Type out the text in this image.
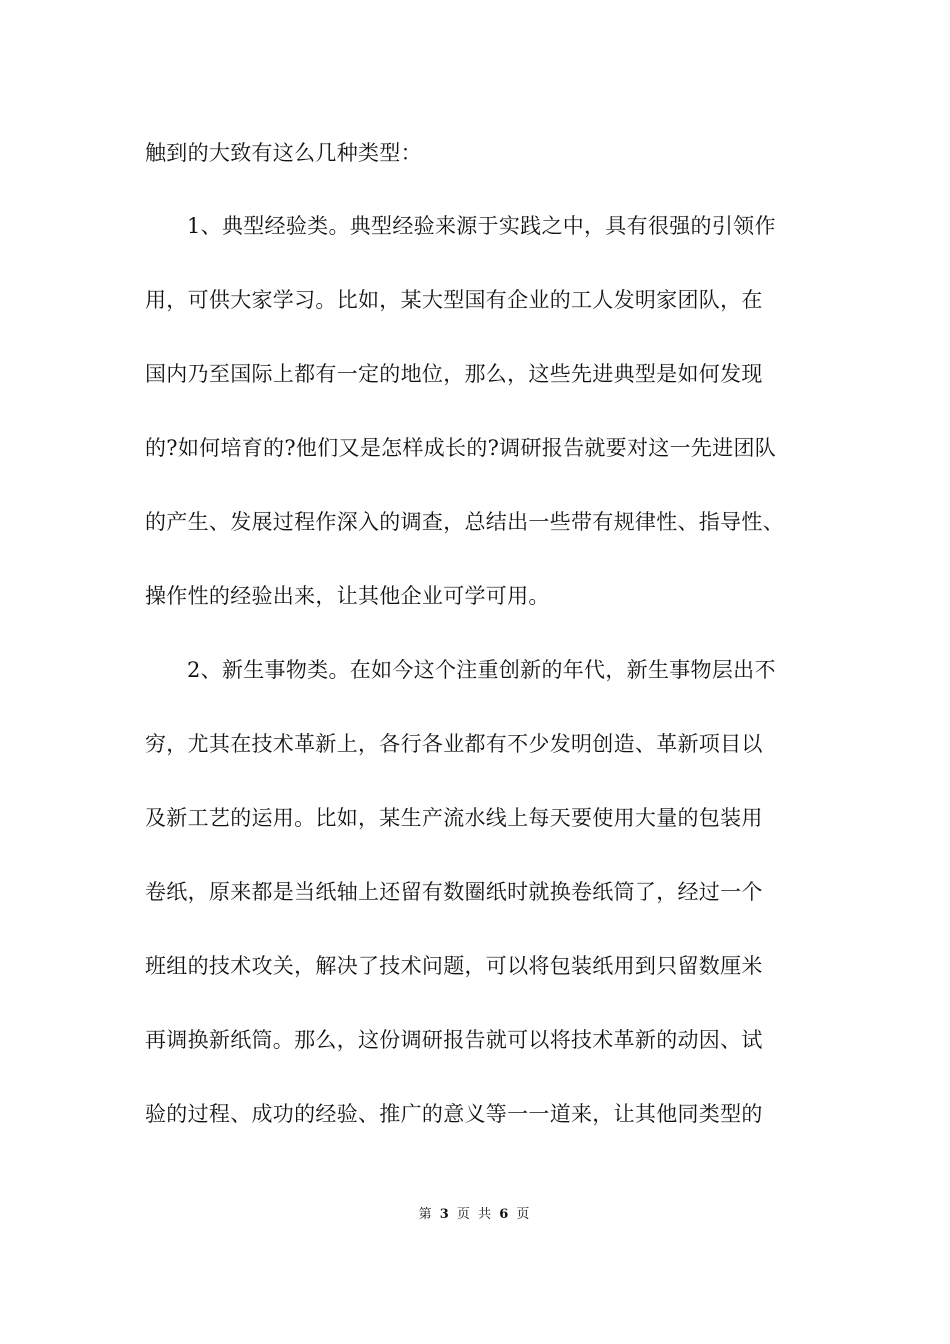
触到的大致有这么几种类型：
1、典型经验类。典型经验来源于实践之中，具有很强的引领作
用，可供大家学习。比如，某大型国有企业的工人发明家团队，在
国内乃至国际上都有一定的地位，那么，这些先进典型是如何发现
的?如何培育的?他们又是怎样成长的?调研报告就要对这一先进团队
的产生、发展过程作深入的调查，总结出一些带有规律性、指导性、
操作性的经验出来，让其他企业可学可用。
2、新生事物类。在如今这个注重创新的年代，新生事物层出不
穷，尤其在技术革新上，各行各业都有不少发明创造、革新项目以
及新工艺的运用。比如，某生产流水线上每天要使用大量的包装用
卷纸，原来都是当纸轴上还留有数圈纸时就换卷纸筒了，经过一个
班组的技术攻关，解决了技术问题，可以将包装纸用到只留数厘米
再调换新纸筒。那么，这份调研报告就可以将技术革新的动因、试
验的过程、成功的经验、推广的意义等一一道来，让其他同类型的
第 3 页 共 6 页
